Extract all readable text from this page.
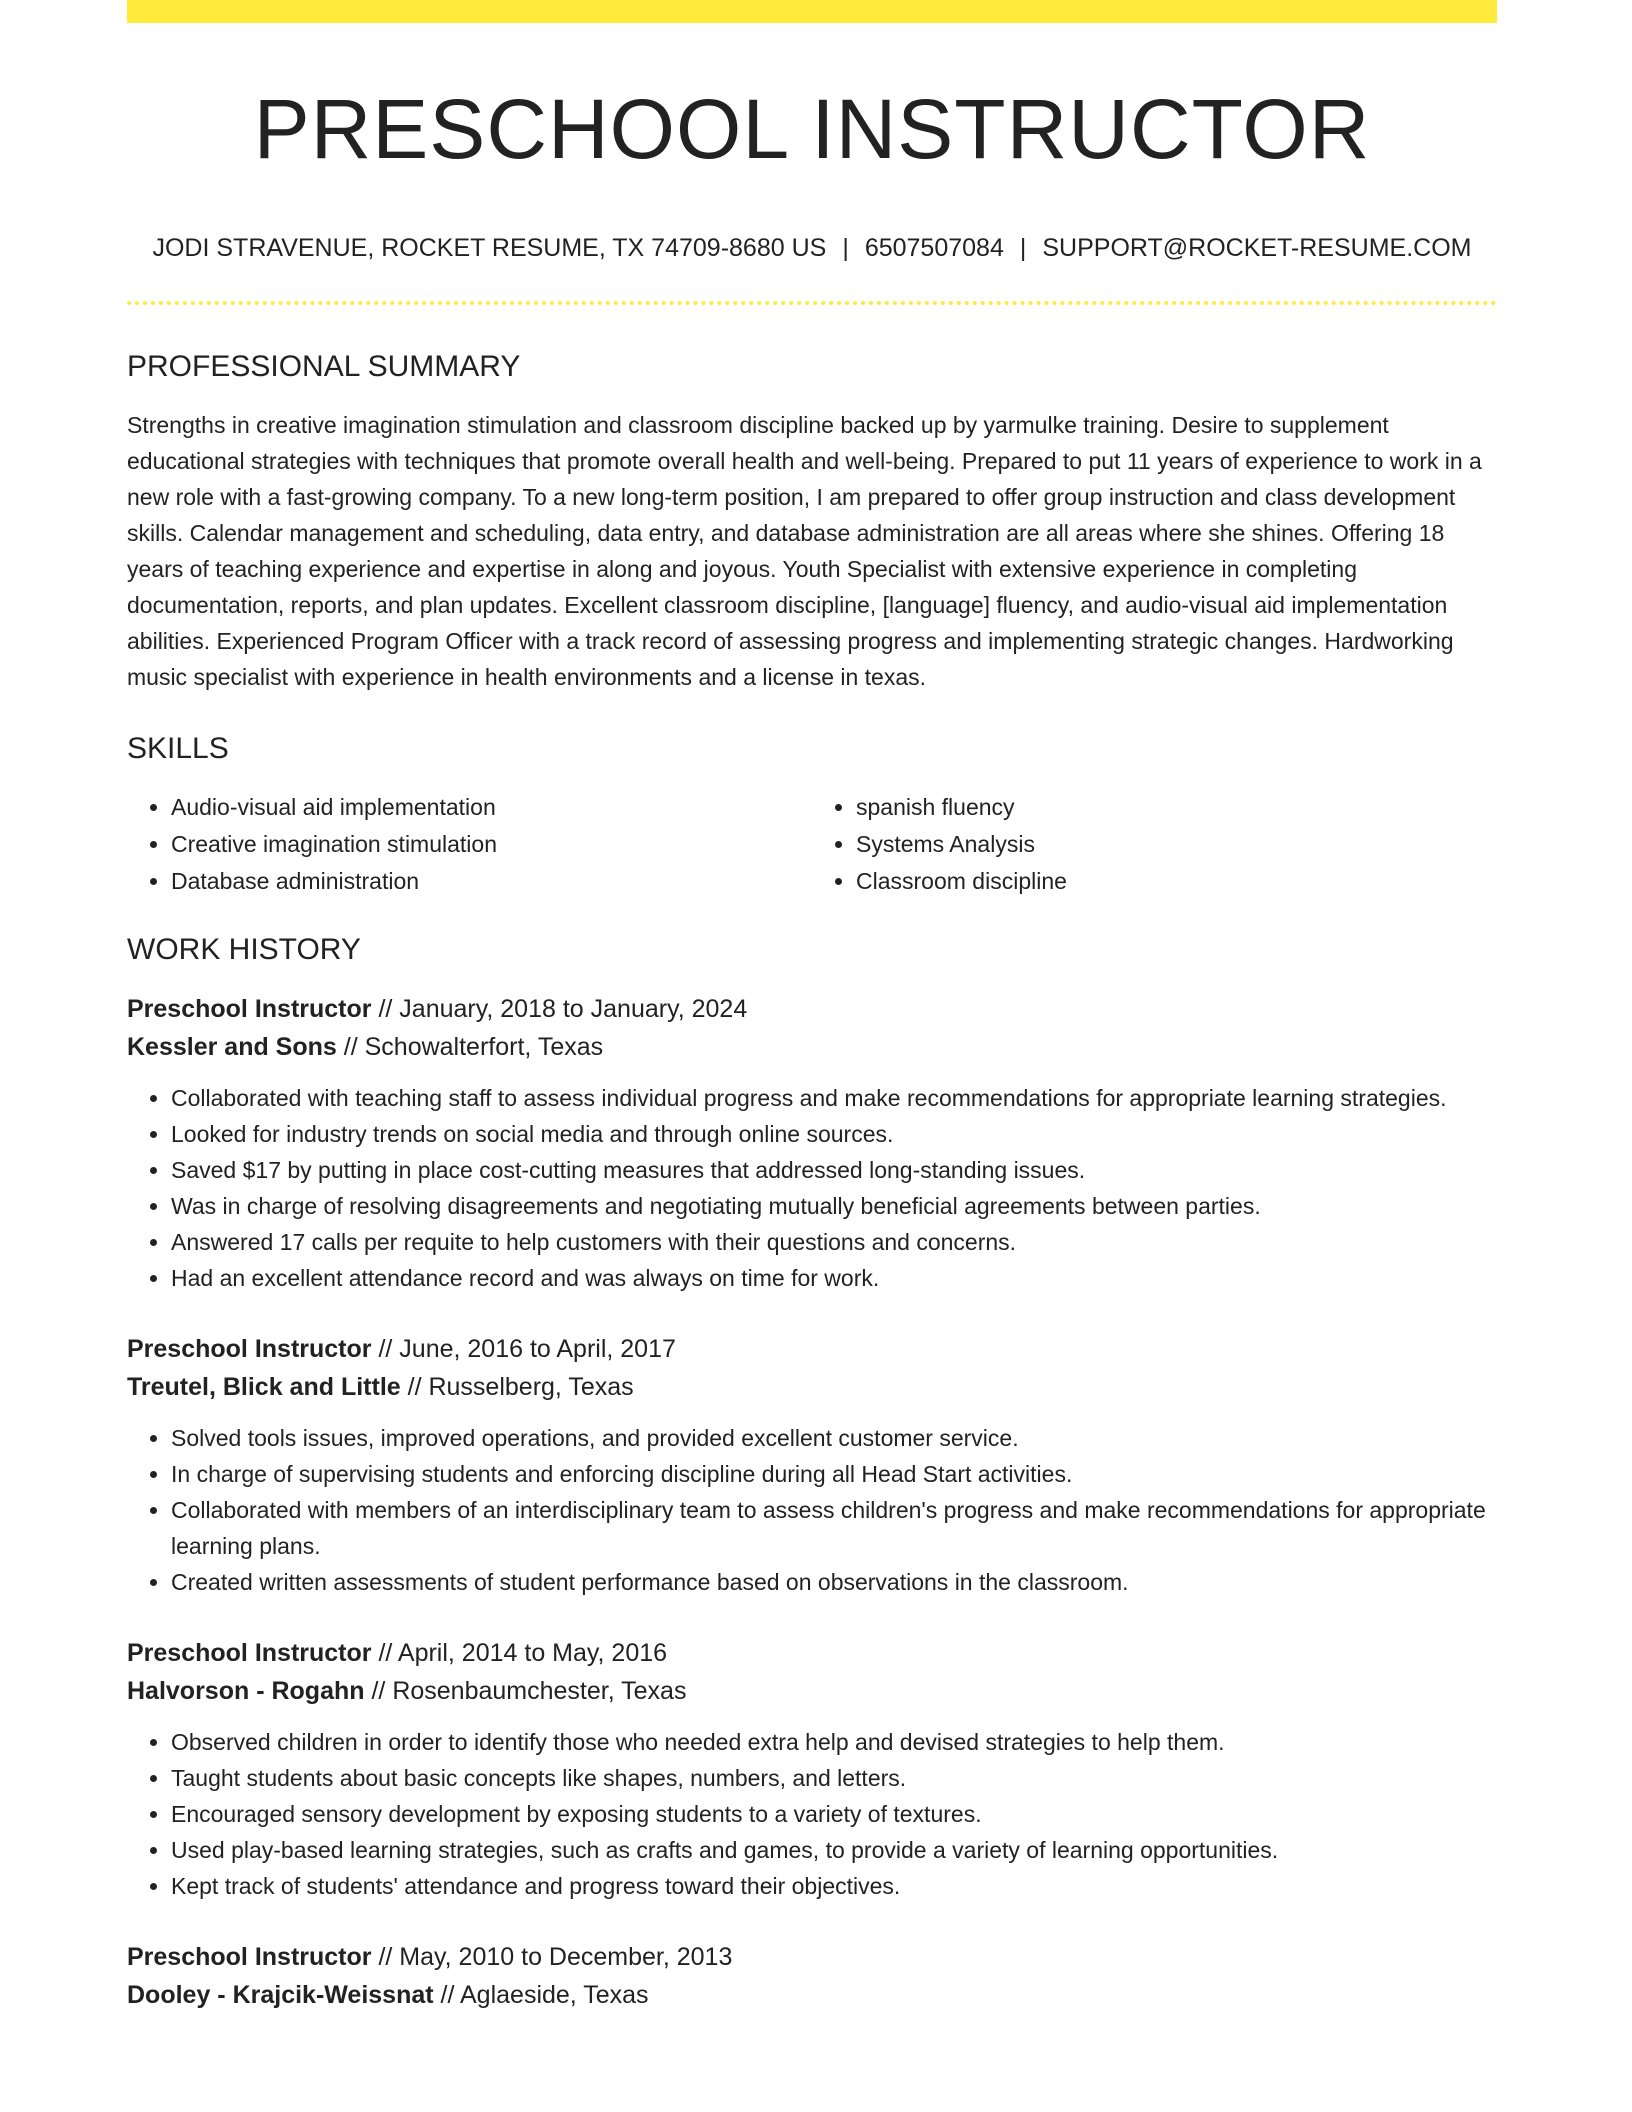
PRESCHOOL INSTRUCTOR
JODI STRAVENUE, ROCKET RESUME, TX 74709-8680 US | 6507507084 | SUPPORT@ROCKET-RESUME.COM
PROFESSIONAL SUMMARY

Strengths in creative imagination stimulation and classroom discipline backed up by yarmulke training. Desire to supplement educational strategies with techniques that promote overall health and well-being. Prepared to put 11 years of experience to work in a new role with a fast-growing company. To a new long-term position, I am prepared to offer group instruction and class development skills. Calendar management and scheduling, data entry, and database administration are all areas where she shines. Offering 18 years of teaching experience and expertise in along and joyous. Youth Specialist with extensive experience in completing documentation, reports, and plan updates. Excellent classroom discipline, [language] fluency, and audio-visual aid implementation abilities. Experienced Program Officer with a track record of assessing progress and implementing strategic changes. Hardworking music specialist with experience in health environments and a license in texas.

SKILLS
• Audio-visual aid implementation
• Creative imagination stimulation
• Database administration
• spanish fluency
• Systems Analysis
• Classroom discipline
WORK HISTORY
Preschool Instructor // January, 2018 to January, 2024
Kessler and Sons // Schowalterfort, Texas
• Collaborated with teaching staff to assess individual progress and make recommendations for appropriate learning strategies.
• Looked for industry trends on social media and through online sources.
• Saved $17 by putting in place cost-cutting measures that addressed long-standing issues.
• Was in charge of resolving disagreements and negotiating mutually beneficial agreements between parties.
• Answered 17 calls per requite to help customers with their questions and concerns.
• Had an excellent attendance record and was always on time for work.
Preschool Instructor // June, 2016 to April, 2017
Treutel, Blick and Little // Russelberg, Texas
• Solved tools issues, improved operations, and provided excellent customer service.
• In charge of supervising students and enforcing discipline during all Head Start activities.
• Collaborated with members of an interdisciplinary team to assess children's progress and make recommendations for appropriate learning plans.
• Created written assessments of student performance based on observations in the classroom.
Preschool Instructor // April, 2014 to May, 2016
Halvorson - Rogahn // Rosenbaumchester, Texas
• Observed children in order to identify those who needed extra help and devised strategies to help them.
• Taught students about basic concepts like shapes, numbers, and letters.
• Encouraged sensory development by exposing students to a variety of textures.
• Used play-based learning strategies, such as crafts and games, to provide a variety of learning opportunities.
• Kept track of students' attendance and progress toward their objectives.
Preschool Instructor // May, 2010 to December, 2013
Dooley - Krajcik-Weissnat // Aglaeside, Texas
